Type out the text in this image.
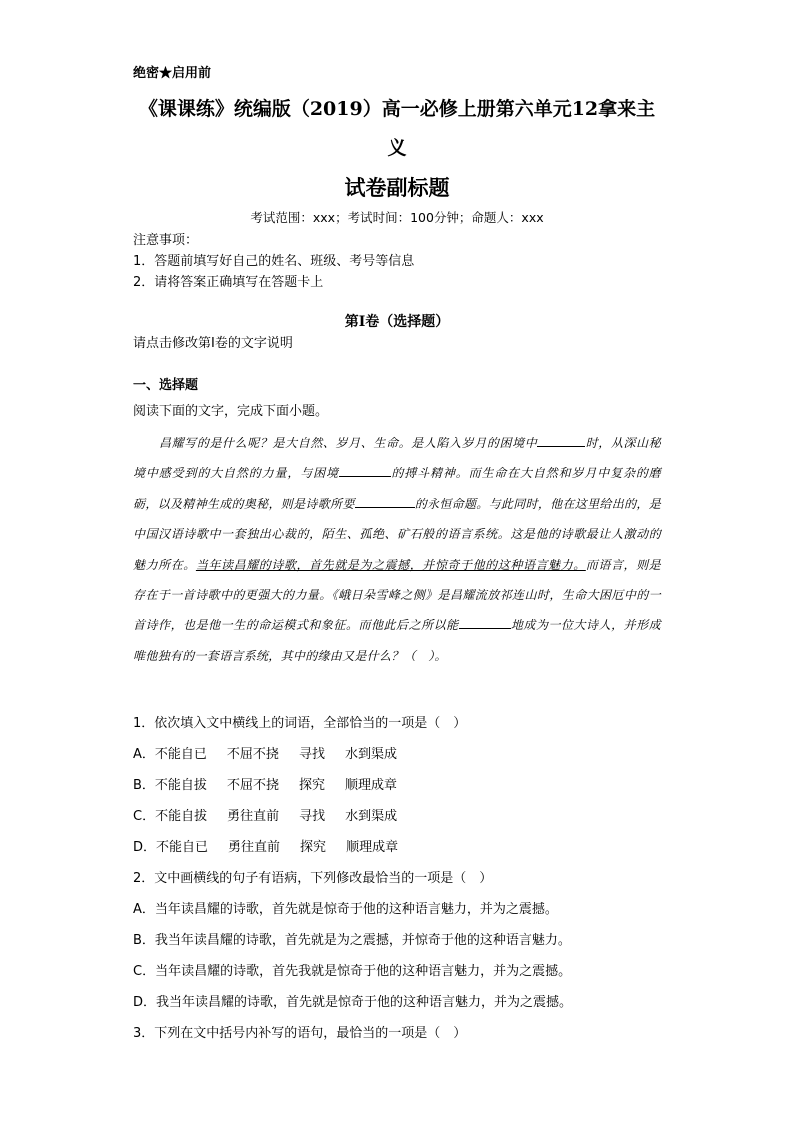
绝密★启用前
《课课练》统编版（2019）高一必修上册第六单元12拿来主
义
试卷副标题
考试范围：xxx；考试时间：100分钟；命题人：xxx
注意事项：
1．答题前填写好自己的姓名、班级、考号等信息
2．请将答案正确填写在答题卡上
第I卷（选择题）
请点击修改第I卷的文字说明
一、选择题
阅读下面的文字，完成下面小题。
昌耀写的是什么呢？是大自然、岁月、生命。是人陷入岁月的困境中	时，从深山秘境中感受到的大自然的力量，与困境	的搏斗精神。而生命在大自然和岁月中复杂的磨砺，以及精神生成的奥秘，则是诗歌所要	的永恒命题。与此同时，他在这里给出的，是中国汉语诗歌中一套独出心裁的，陌生、孤绝、矿石般的语言系统。这是他的诗歌最让人激动的魅力所在。当年读昌耀的诗歌，首先就是为之震撼，并惊奇于他的这种语言魅力。而语言，则是存在于一首诗歌中的更强大的力量。《峨日朵雪峰之侧》是昌耀流放祁连山时，生命大困厄中的一首诗作，也是他一生的命运模式和象征。而他此后之所以能	地成为一位大诗人，并形成唯他独有的一套语言系统，其中的缘由又是什么？（　）。
1．依次填入文中横线上的词语，全部恰当的一项是（　）
A．不能自已 不屈不挠 寻找 水到渠成
B．不能自拔 不屈不挠 探究 顺理成章
C．不能自拔 勇往直前 寻找 水到渠成
D．不能自已 勇往直前 探究 顺理成章
2．文中画横线的句子有语病，下列修改最恰当的一项是（　）
A．当年读昌耀的诗歌，首先就是惊奇于他的这种语言魅力，并为之震撼。
B．我当年读昌耀的诗歌，首先就是为之震撼，并惊奇于他的这种语言魅力。
C．当年读昌耀的诗歌，首先我就是惊奇于他的这种语言魅力，并为之震撼。
D．我当年读昌耀的诗歌，首先就是惊奇于他的这种语言魅力，并为之震撼。
3．下列在文中括号内补写的语句，最恰当的一项是（　）
